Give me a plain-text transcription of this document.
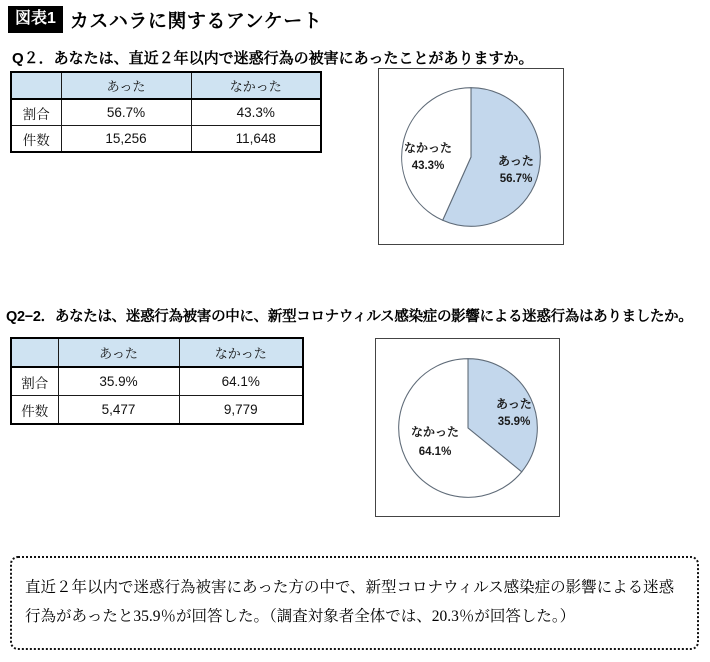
図表1 カスハラに関するアンケート
Q２．あなたは、直近２年以内で迷惑行為の被害にあったことがありますか。
	あった	なかった
割合	56.7%	43.3%
件数	15,256	11,648
なかった
43.3%	あった
56.7%
Q2−2．あなたは、迷惑行為被害の中に、新型コロナウィルス感染症の影響による迷惑行為はありましたか。
	あった	なかった
割合	35.9%	64.1%
件数	5,477	9,779
なかった
64.1%
あった
35.9%
直近２年以内で迷惑行為被害にあった方の中で、新型コロナウィルス感染症の影響による迷惑行為があったと35.9％が回答した。（調査対象者全体では、20.3％が回答した。）
